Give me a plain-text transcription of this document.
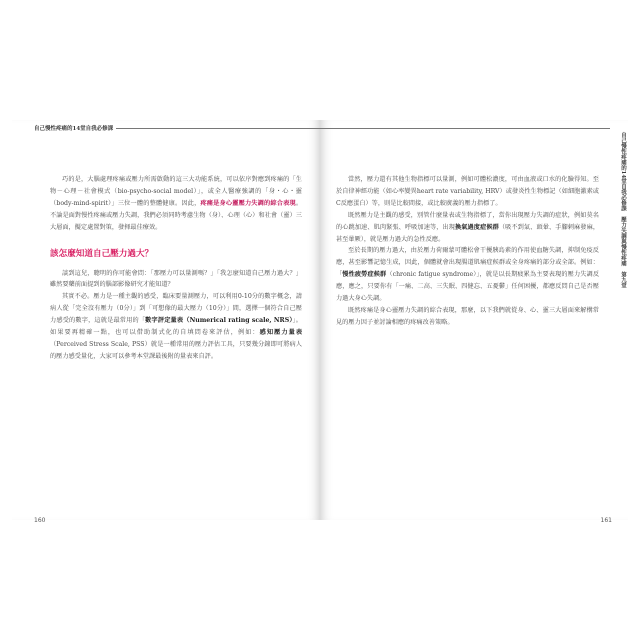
自己慢性疼痛的14堂自我必修課

巧的是，大腦處理疼痛或壓力所需啟動的這三大功能系統，可以依序對應到疼痛的「生物－心理－社會模式（bio-psycho-social model）」，或全人醫療強調的「身・心・靈（body-mind-spirit）」三位一體的整體健康。因此，疼痛是身心靈壓力失調的綜合表現。不論是面對慢性疼痛或壓力失調，我們必須同時考慮生物（身）、心理（心）和社會（靈）三大層面，擬定處置對策，發揮最佳療效。

該怎麼知道自己壓力過大？

談到這兒，聰明的你可能會問：「那壓力可以量測嗎？」「我怎麼知道自己壓力過大？」雖然要藥前面提到的腦部影像研究才能知道？

其實不必。壓力是一種主觀的感受，臨床要量測壓力，可以利用0-10分的數字概念，請病人從「完全沒有壓力（0分）」到「可想像的最大壓力（10分）」間，選擇一個符合自己壓力感受的數字，這就是最常用的「數字評定量表（Numerical rating scale, NRS）」。如果要再精確一點，也可以借助制式化的自填問卷來評估，例如：感知壓力量表（Perceived Stress Scale, PSS）就是一種常用的壓力評估工具，只要幾分鐘即可將病人的壓力感受量化，大家可以參考本堂課最後附的量表來自評。

160
自己慢性疼痛的14堂自我必修課　壓力失調與慢性疼痛　第九堂

當然，壓力還有其他生物指標可以量測，例如可體松濃度，可由血液或口水的化驗得知。至於自律神經功能（如心率變異heart rate variability, HRV）或發炎性生物標記（如細胞激素或C反應蛋白）等，則是比較間接，或比較廣義的壓力指標了。

既然壓力是主觀的感受，別管什麼量表或生物指標了，當你出現壓力失調的症狀，例如莫名的心跳加速、肌肉緊張、呼吸加速等，出現換氣過度症候群（吸不到氣、頭暈、手腳刺麻發麻，甚至暈厥），就是壓力過大的急性反應。

至於長期的壓力過大，由於壓力荷爾蒙可體松會干擾胰島素的作用使血糖失調，抑制免疫反應，甚至影響記憶生成，因此，個體就會出現腸道肌痛症候群或全身疼痛的部分或全部。例如：「慢性疲勞症候群（chronic fatigue syndrome）」，就是以長期疲累為主要表現的壓力失調反應，應之，只要你有「一痛、二高、三失眠、四健忘、五憂鬱」任何困擾，都應反問自己是否壓力過大身心失調。

既然疼痛是身心靈壓力失調的綜合表現，那麼，以下我們就從身、心、靈三大層面來解構常見的壓力因子並討論相應的疼痛改善策略。

161
